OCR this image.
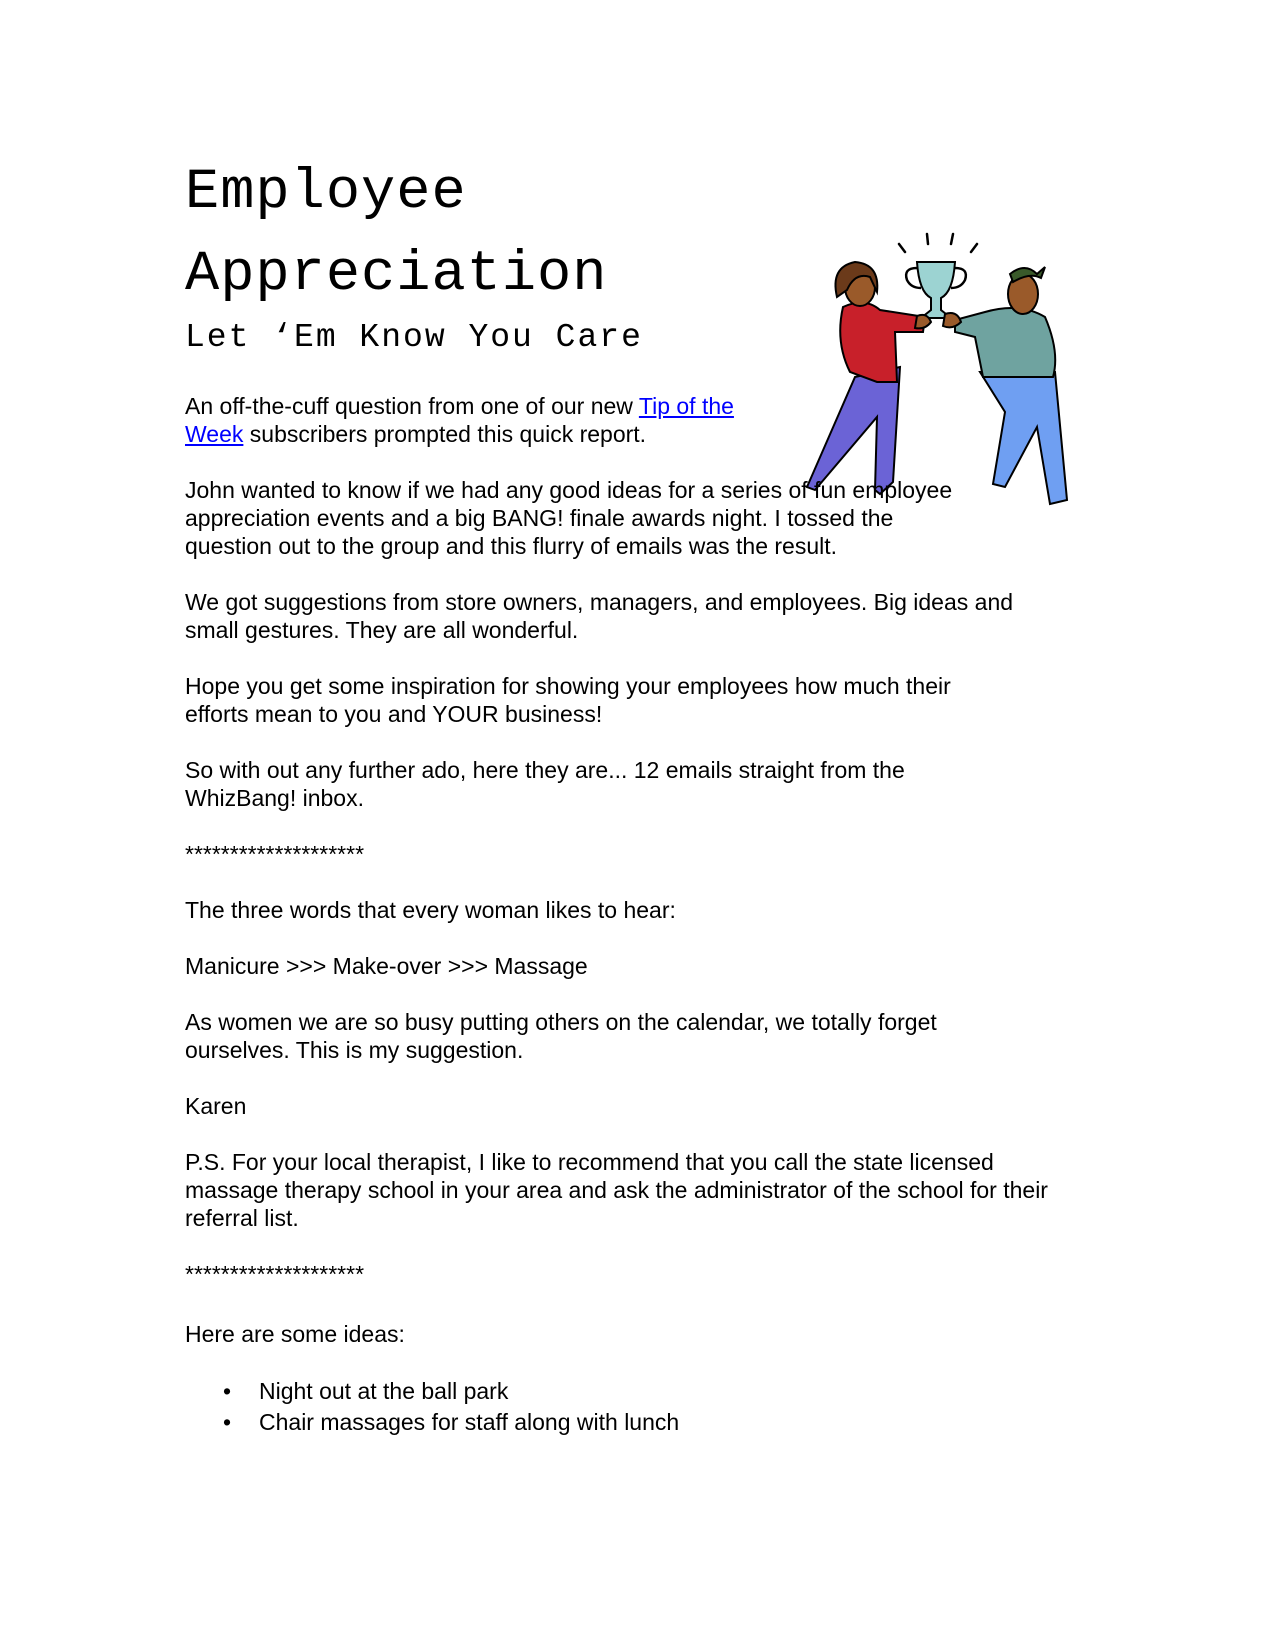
Employee
Appreciation
Let ‘Em Know You Care

An off-the-cuff question from one of our new Tip of the Week subscribers prompted this quick report.

John wanted to know if we had any good ideas for a series of fun employee appreciation events and a big BANG! finale awards night. I tossed the question out to the group and this flurry of emails was the result.

We got suggestions from store owners, managers, and employees. Big ideas and small gestures. They are all wonderful.

Hope you get some inspiration for showing your employees how much their efforts mean to you and YOUR business!

So with out any further ado, here they are... 12 emails straight from the WhizBang! inbox.

********************

The three words that every woman likes to hear:

Manicure >>> Make-over >>> Massage

As women we are so busy putting others on the calendar, we totally forget ourselves. This is my suggestion.

Karen

P.S. For your local therapist, I like to recommend that you call the state licensed massage therapy school in your area and ask the administrator of the school for their referral list.

********************

Here are some ideas:

• Night out at the ball park
• Chair massages for staff along with lunch
